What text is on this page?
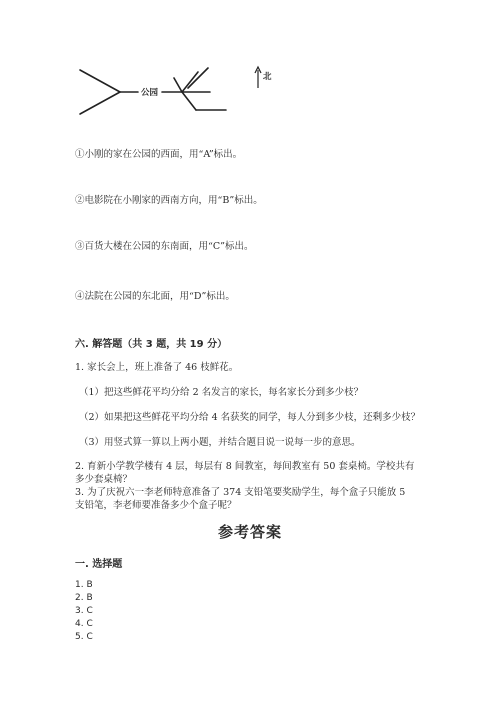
公园
北
①小刚的家在公园的西面，用“A”标出。
②电影院在小刚家的西南方向，用“B”标出。
③百货大楼在公园的东南面，用“C”标出。
④法院在公园的东北面，用“D”标出。
六. 解答题（共 3 题，共 19 分）
1. 家长会上，班上准备了 46 枝鲜花。
（1）把这些鲜花平均分给 2 名发言的家长，每名家长分到多少枝？
（2）如果把这些鲜花平均分给 4 名获奖的同学，每人分到多少枝，还剩多少枝？
（3）用竖式算一算以上两小题，并结合题目说一说每一步的意思。
2. 育新小学教学楼有 4 层，每层有 8 间教室，每间教室有 50 套桌椅。学校共有
多少套桌椅？
3. 为了庆祝六一李老师特意准备了 374 支铅笔要奖励学生，每个盒子只能放 5
支铅笔，李老师要准备多少个盒子呢？
参考答案
一. 选择题
1. B
2. B
3. C
4. C
5. C
